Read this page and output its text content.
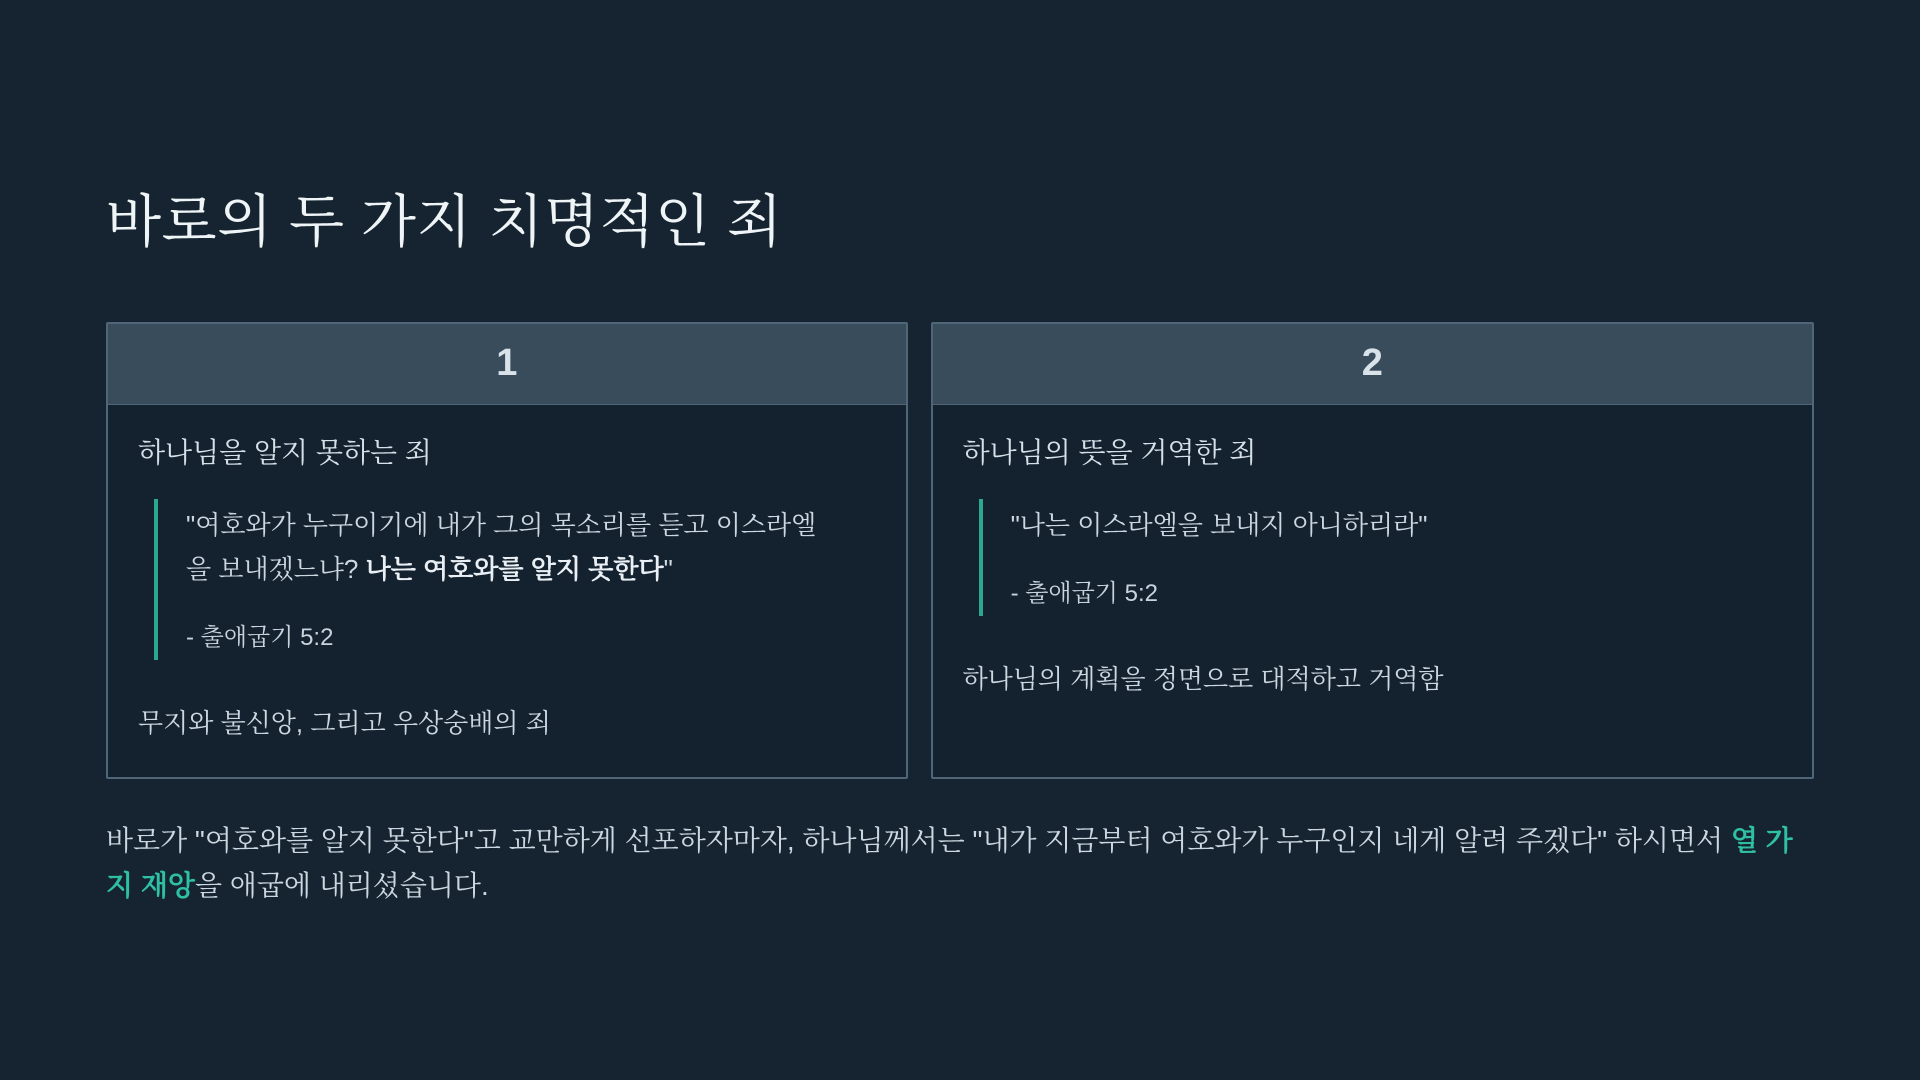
바로의 두 가지 치명적인 죄
1
하나님을 알지 못하는 죄
"여호와가 누구이기에 내가 그의 목소리를 듣고 이스라엘을 보내겠느냐? 나는 여호와를 알지 못한다"
- 출애굽기 5:2
무지와 불신앙, 그리고 우상숭배의 죄
2
하나님의 뜻을 거역한 죄
"나는 이스라엘을 보내지 아니하리라"
- 출애굽기 5:2
하나님의 계획을 정면으로 대적하고 거역함

바로가 "여호와를 알지 못한다"고 교만하게 선포하자마자, 하나님께서는 "내가 지금부터 여호와가 누구인지 네게 알려 주겠다" 하시면서 열 가지 재앙을 애굽에 내리셨습니다.
